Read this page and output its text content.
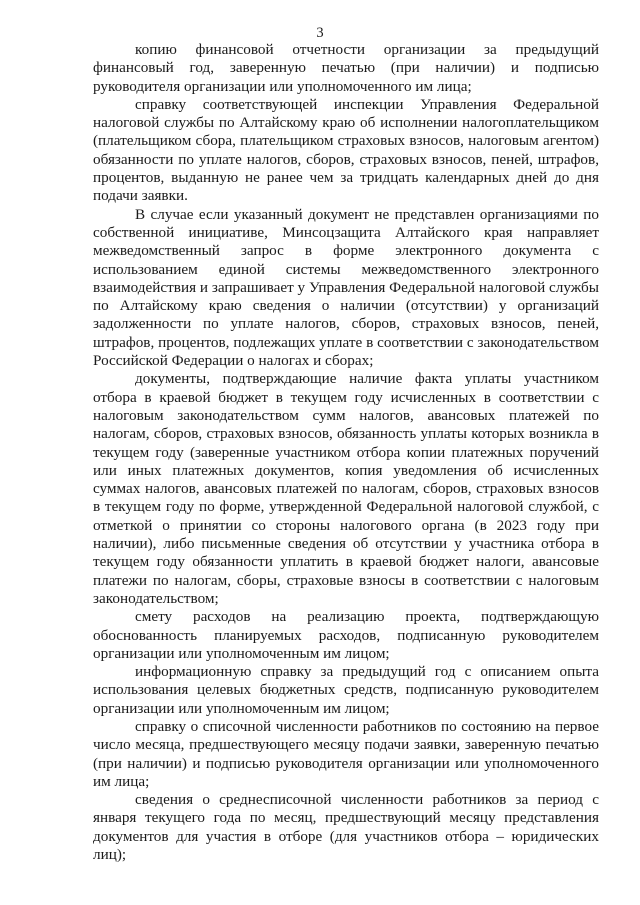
3

копию финансовой отчетности организации за предыдущий финансовый год, заверенную печатью (при наличии) и подписью руководителя организации или уполномоченного им лица;

справку соответствующей инспекции Управления Федеральной налоговой службы по Алтайскому краю об исполнении налогоплательщиком (плательщиком сбора, плательщиком страховых взносов, налоговым агентом) обязанности по уплате налогов, сборов, страховых взносов, пеней, штрафов, процентов, выданную не ранее чем за тридцать календарных дней до дня подачи заявки.

В случае если указанный документ не представлен организациями по собственной инициативе, Минсоцзащита Алтайского края направляет межведомственный запрос в форме электронного документа с использованием единой системы межведомственного электронного взаимодействия и запрашивает у Управления Федеральной налоговой службы по Алтайскому краю сведения о наличии (отсутствии) у организаций задолженности по уплате налогов, сборов, страховых взносов, пеней, штрафов, процентов, подлежащих уплате в соответствии с законодательством Российской Федерации о налогах и сборах;

документы, подтверждающие наличие факта уплаты участником отбора в краевой бюджет в текущем году исчисленных в соответствии с налоговым законодательством сумм налогов, авансовых платежей по налогам, сборов, страховых взносов, обязанность уплаты которых возникла в текущем году (заверенные участником отбора копии платежных поручений или иных платежных документов, копия уведомления об исчисленных суммах налогов, авансовых платежей по налогам, сборов, страховых взносов в текущем году по форме, утвержденной Федеральной налоговой службой, с отметкой о принятии со стороны налогового органа (в 2023 году при наличии), либо письменные сведения об отсутствии у участника отбора в текущем году обязанности уплатить в краевой бюджет налоги, авансовые платежи по налогам, сборы, страховые взносы в соответствии с налоговым законодательством;

смету расходов на реализацию проекта, подтверждающую обоснованность планируемых расходов, подписанную руководителем организации или уполномоченным им лицом;

информационную справку за предыдущий год с описанием опыта использования целевых бюджетных средств, подписанную руководителем организации или уполномоченным им лицом;

справку о списочной численности работников по состоянию на первое число месяца, предшествующего месяцу подачи заявки, заверенную печатью (при наличии) и подписью руководителя организации или уполномоченного им лица;

сведения о среднесписочной численности работников за период с января текущего года по месяц, предшествующий месяцу представления документов для участия в отборе (для участников отбора – юридических лиц);
